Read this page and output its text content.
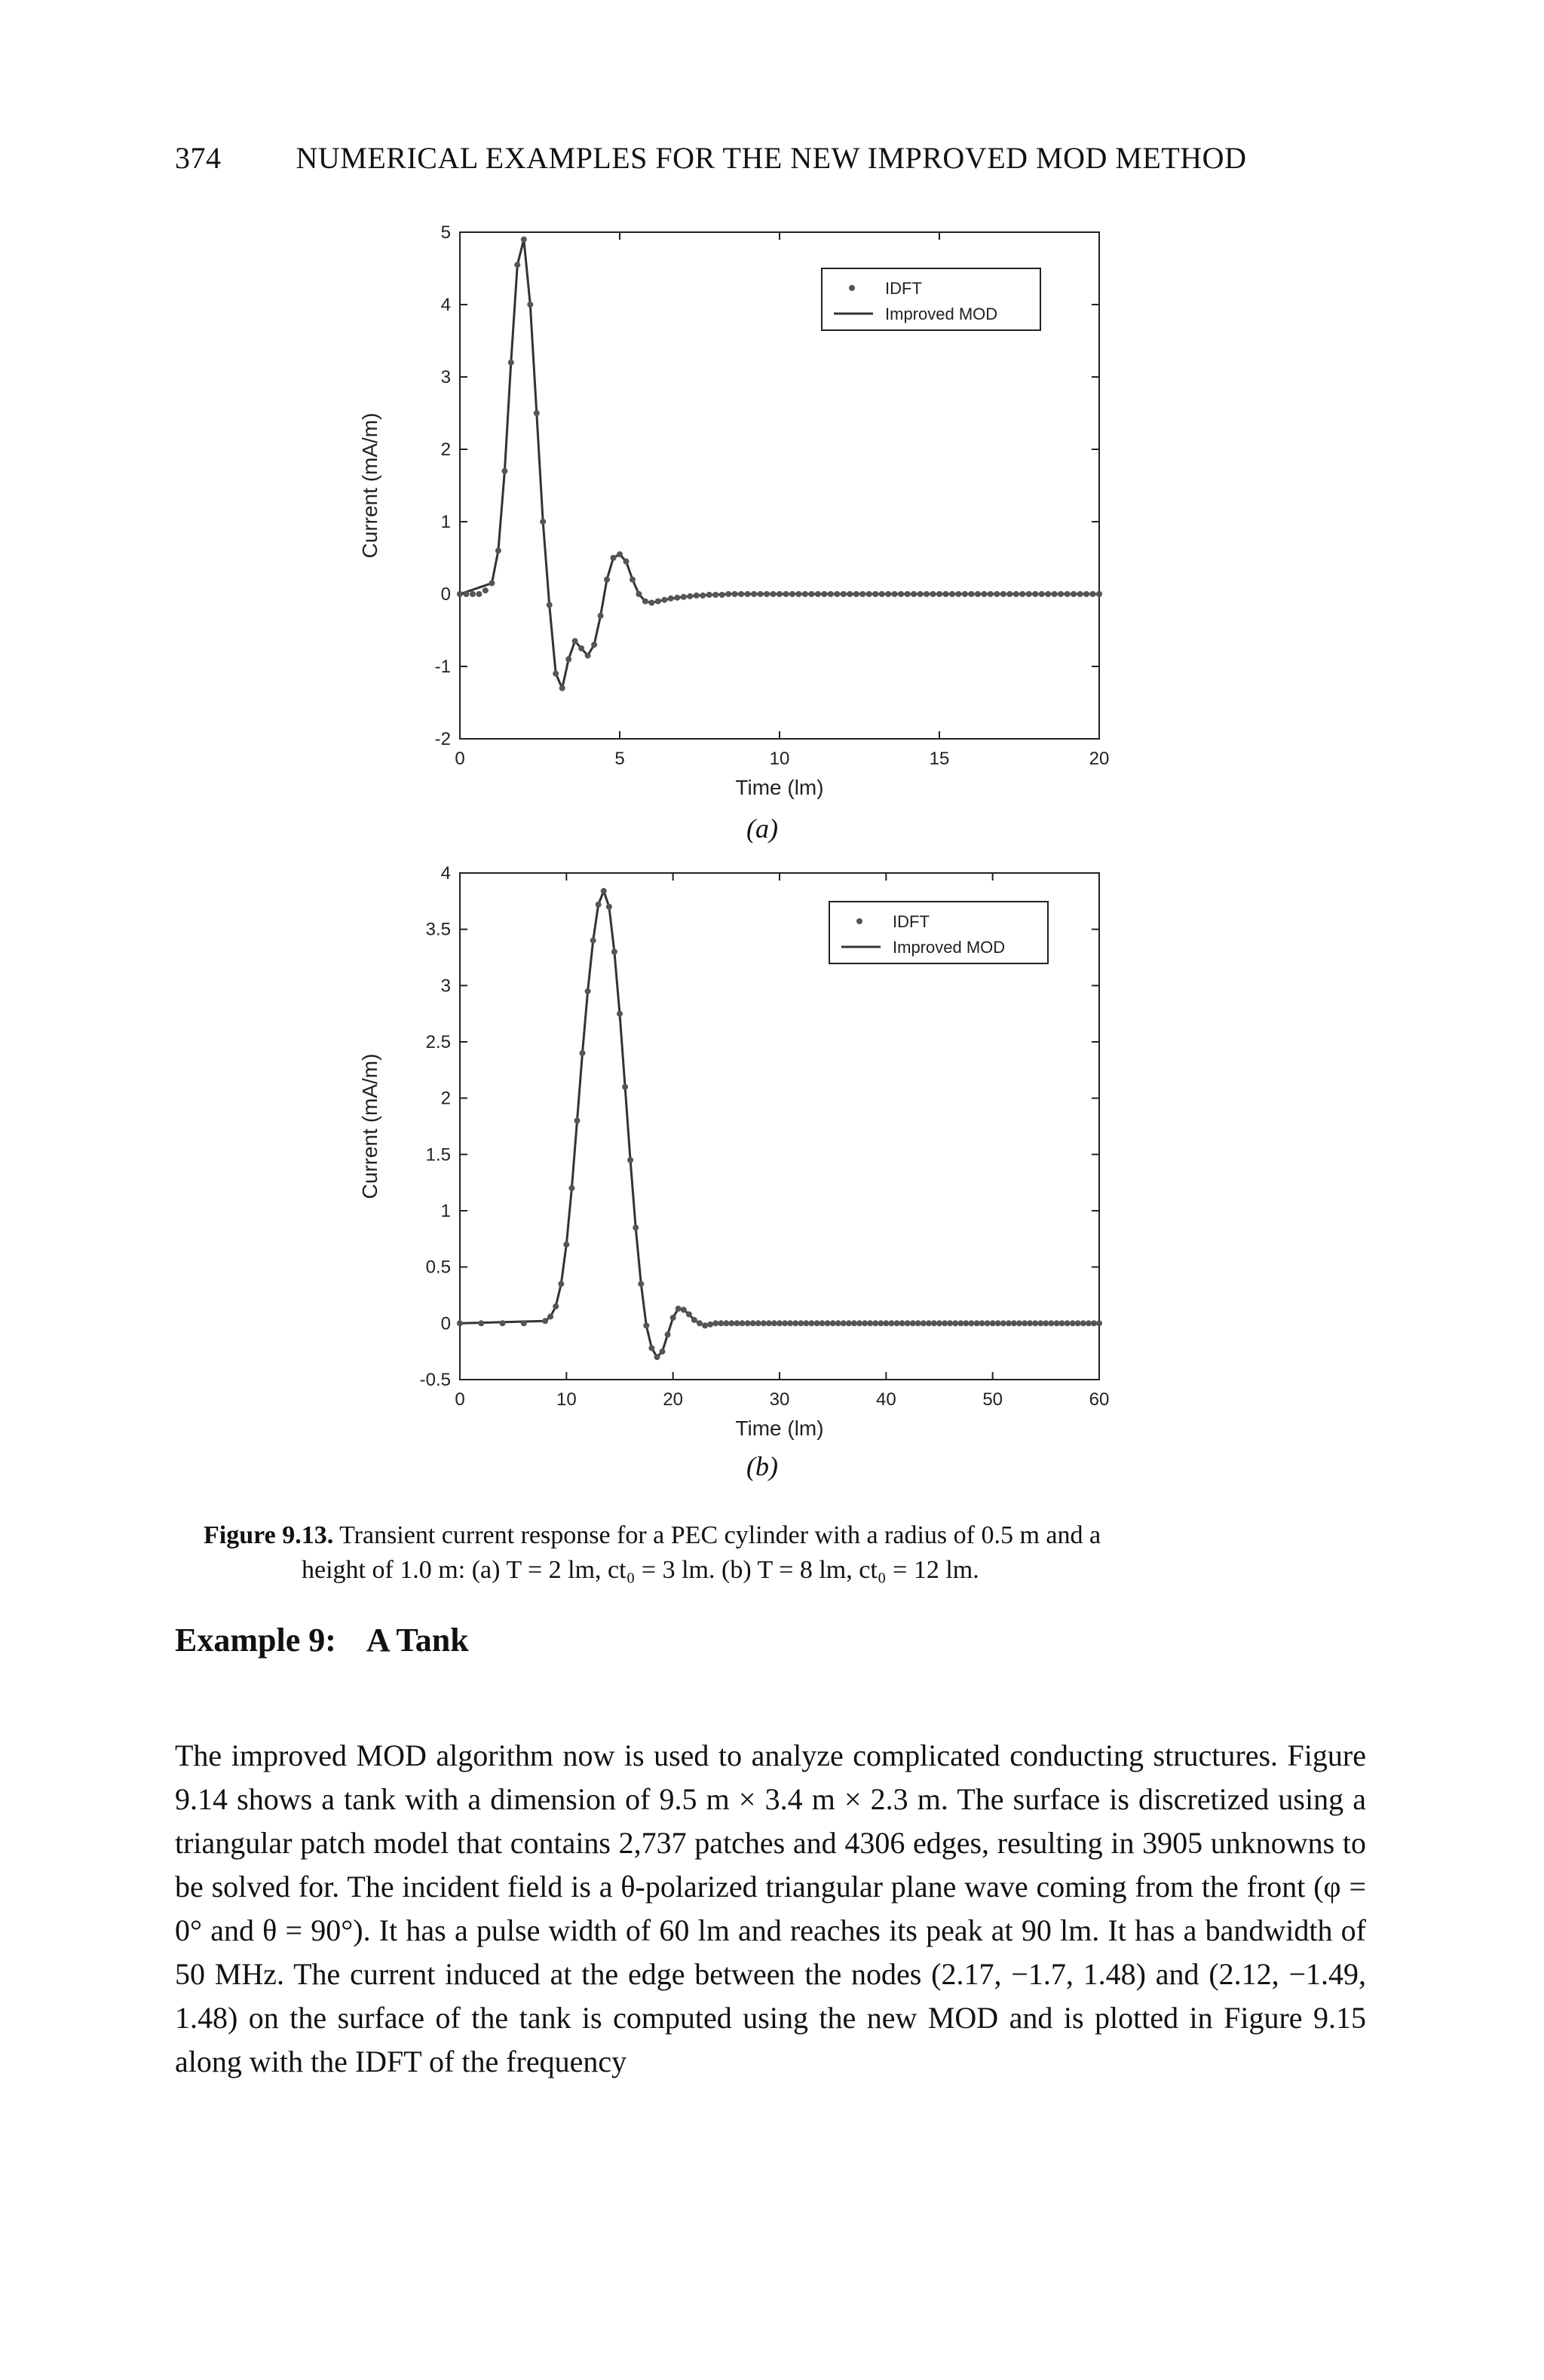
374 NUMERICAL EXAMPLES FOR THE NEW IMPROVED MOD METHOD
0	5	10	15	20
-2
-1
0
1
2
3
4
5
Time (lm)
Current (mA/m)
IDFT
Improved MOD
0	10	20	30	40	50	60
-0.5
0
0.5
1
1.5
2
2.5
3
3.5
4
Time (lm)
Current (mA/m)
IDFT
Improved MOD
(a)
(b)
Figure 9.13. Transient current response for a PEC cylinder with a radius of 0.5 m and a
height of 1.0 m: (a) T = 2 lm, ct₀ = 3 lm. (b) T = 8 lm, ct₀ = 12 lm.
Example 9: A Tank

The improved MOD algorithm now is used to analyze complicated conducting structures. Figure 9.14 shows a tank with a dimension of 9.5 m × 3.4 m × 2.3 m. The surface is discretized using a triangular patch model that contains 2,737 patches and 4306 edges, resulting in 3905 unknowns to be solved for. The incident field is a θ-polarized triangular plane wave coming from the front (φ = 0° and θ = 90°). It has a pulse width of 60 lm and reaches its peak at 90 lm. It has a bandwidth of 50 MHz. The current induced at the edge between the nodes (2.17, −1.7, 1.48) and (2.12, −1.49, 1.48) on the surface of the tank is computed using the new MOD and is plotted in Figure 9.15 along with the IDFT of the frequency
